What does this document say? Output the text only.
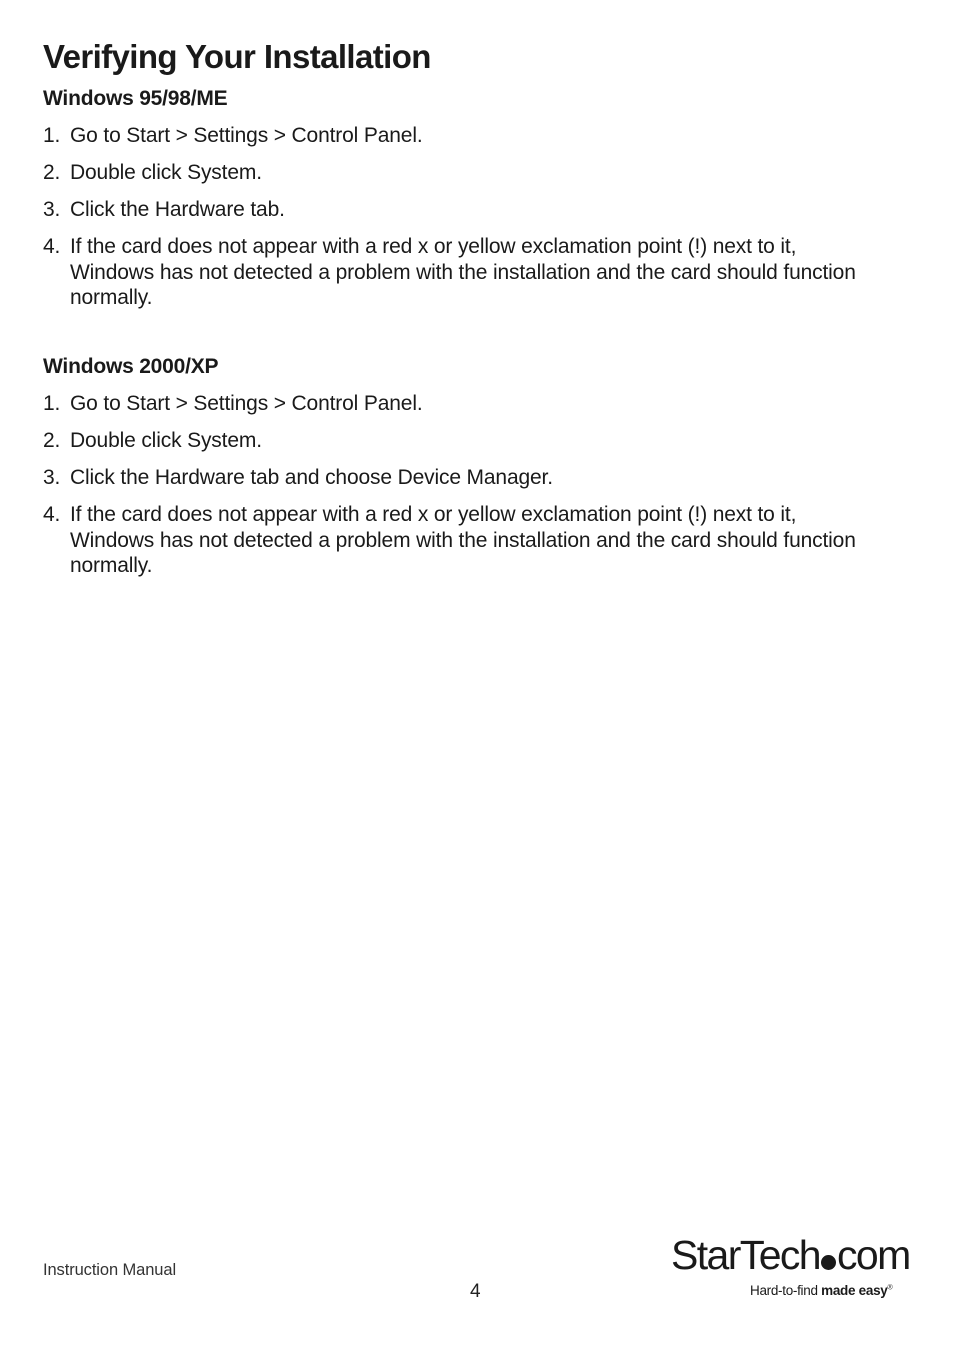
Verifying Your Installation
Windows 95/98/ME
1. Go to Start > Settings > Control Panel.
2. Double click System.
3. Click the Hardware tab.
4. If the card does not appear with a red x or yellow exclamation point (!) next to it, Windows has not detected a problem with the installation and the card should function normally.
Windows 2000/XP
1. Go to Start > Settings > Control Panel.
2. Double click System.
3. Click the Hardware tab and choose Device Manager.
4. If the card does not appear with a red x or yellow exclamation point (!) next to it, Windows has not detected a problem with the installation and the card should function normally.
Instruction Manual
4
StarTech com
Hard-to-find made easy®
